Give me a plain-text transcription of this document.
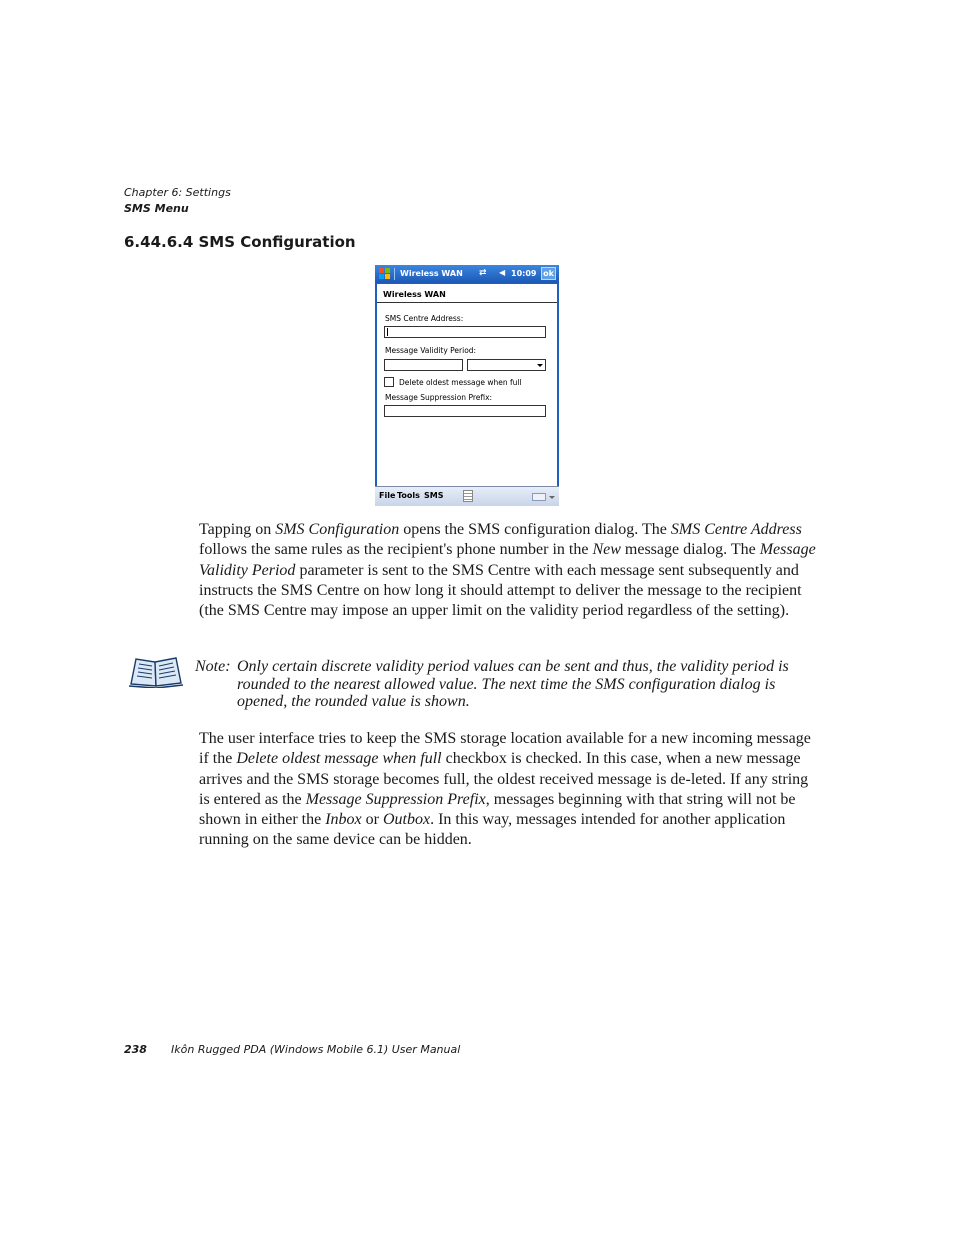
Chapter 6: Settings
SMS Menu
6.44.6.4 SMS Configuration
Wireless WAN ⇄ ◀ 10:09 ok
Wireless WAN
SMS Centre Address:
Message Validity Period:
Delete oldest message when full
Message Suppression Prefix:
File Tools SMS

Tapping on SMS Configuration opens the SMS configuration dialog. The SMS Centre Address follows the same rules as the recipient's phone number in the New message dialog. The Message Validity Period parameter is sent to the SMS Centre with each message sent subsequently and instructs the SMS Centre on how long it should attempt to deliver the message to the recipient (the SMS Centre may impose an upper limit on the validity period regardless of the setting).

Note: Only certain discrete validity period values can be sent and thus, the validity period is rounded to the nearest allowed value. The next time the SMS configuration dialog is opened, the rounded value is shown.

The user interface tries to keep the SMS storage location available for a new incoming message if the Delete oldest message when full checkbox is checked. In this case, when a new message arrives and the SMS storage becomes full, the oldest received message is de-leted. If any string is entered as the Message Suppression Prefix, messages beginning with that string will not be shown in either the Inbox or Outbox. In this way, messages intended for another application running on the same device can be hidden.

238 Ikôn Rugged PDA (Windows Mobile 6.1) User Manual
